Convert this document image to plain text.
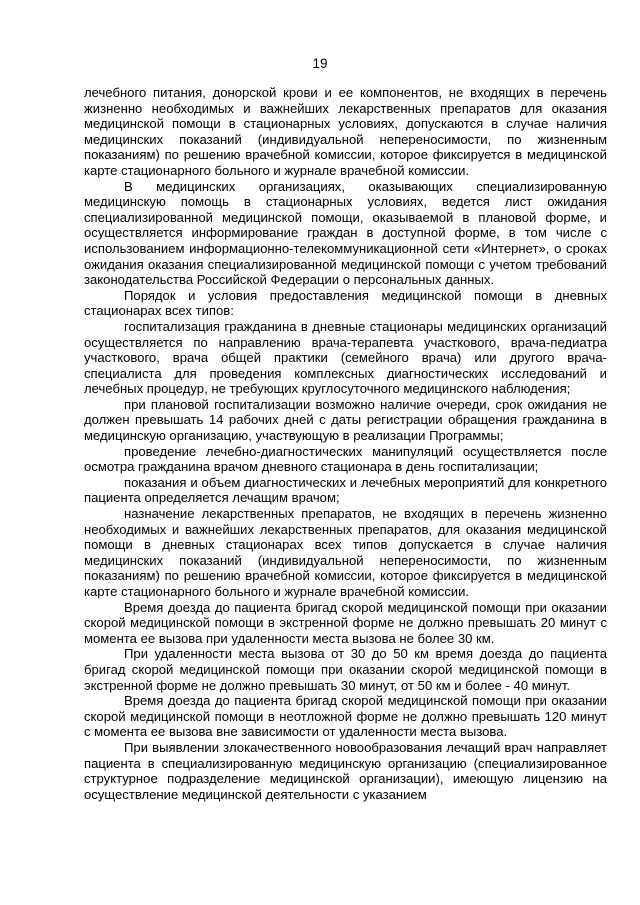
19

лечебного питания, донорской крови и ее компонентов, не входящих в перечень жизненно необходимых и важнейших лекарственных препаратов для оказания медицинской помощи в стационарных условиях, допускаются в случае наличия медицинских показаний (индивидуальной непереносимости, по жизненным показаниям) по решению врачебной комиссии, которое фиксируется в медицинской карте стационарного больного и журнале врачебной комиссии.

В медицинских организациях, оказывающих специализированную медицинскую помощь в стационарных условиях, ведется лист ожидания специализированной медицинской помощи, оказываемой в плановой форме, и осуществляется информирование граждан в доступной форме, в том числе с использованием информационно-телекоммуникационной сети «Интернет», о сроках ожидания оказания специализированной медицинской помощи с учетом требований законодательства Российской Федерации о персональных данных.

Порядок и условия предоставления медицинской помощи в дневных стационарах всех типов:

госпитализация гражданина в дневные стационары медицинских организаций осуществляется по направлению врача-терапевта участкового, врача-педиатра участкового, врача общей практики (семейного врача) или другого врача-специалиста для проведения комплексных диагностических исследований и лечебных процедур, не требующих круглосуточного медицинского наблюдения;

при плановой госпитализации возможно наличие очереди, срок ожидания не должен превышать 14 рабочих дней с даты регистрации обращения гражданина в медицинскую организацию, участвующую в реализации Программы;

проведение лечебно-диагностических манипуляций осуществляется после осмотра гражданина врачом дневного стационара в день госпитализации;

показания и объем диагностических и лечебных мероприятий для конкретного пациента определяется лечащим врачом;

назначение лекарственных препаратов, не входящих в перечень жизненно необходимых и важнейших лекарственных препаратов, для оказания медицинской помощи в дневных стационарах всех типов допускается в случае наличия медицинских показаний (индивидуальной непереносимости, по жизненным показаниям) по решению врачебной комиссии, которое фиксируется в медицинской карте стационарного больного и журнале врачебной комиссии.

Время доезда до пациента бригад скорой медицинской помощи при оказании скорой медицинской помощи в экстренной форме не должно превышать 20 минут с момента ее вызова при удаленности места вызова не более 30 км.

При удаленности места вызова от 30 до 50 км время доезда до пациента бригад скорой медицинской помощи при оказании скорой медицинской помощи в экстренной форме не должно превышать 30 минут, от 50 км и более - 40 минут.

Время доезда до пациента бригад скорой медицинской помощи при оказании скорой медицинской помощи в неотложной форме не должно превышать 120 минут с момента ее вызова вне зависимости от удаленности места вызова.

При выявлении злокачественного новообразования лечащий врач направляет пациента в специализированную медицинскую организацию (специализированное структурное подразделение медицинской организации), имеющую лицензию на осуществление медицинской деятельности с указанием
